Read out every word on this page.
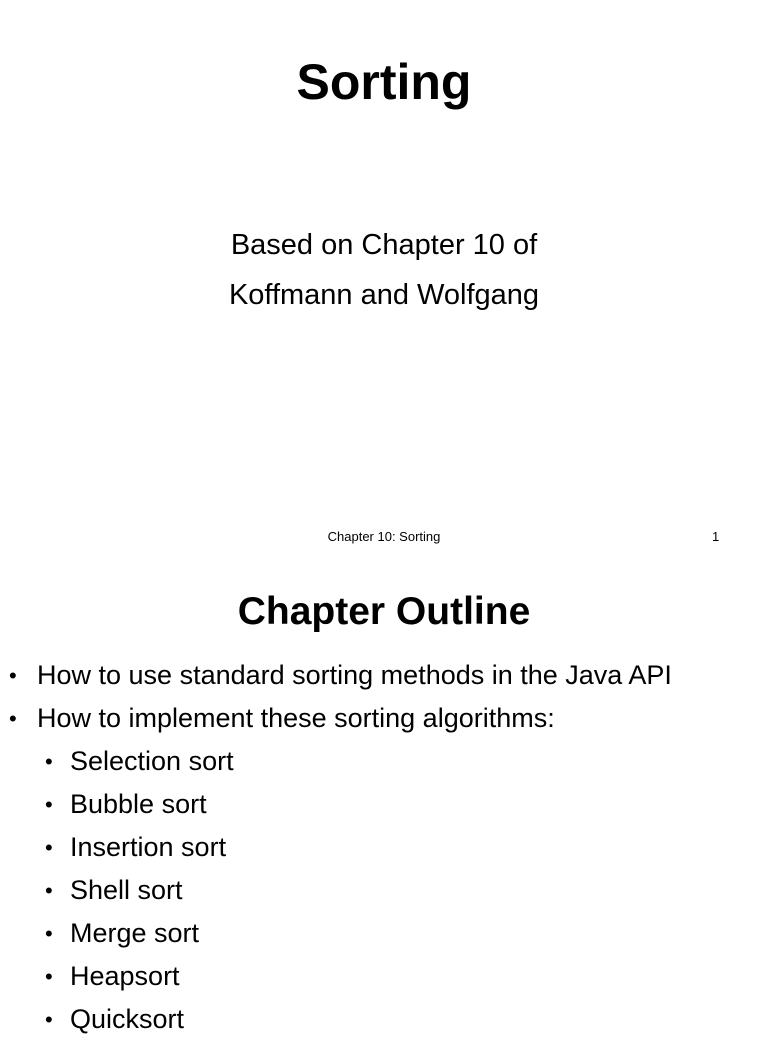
Sorting

Based on Chapter 10 of

Koffmann and Wolfgang

Chapter 10: Sorting	1
Chapter Outline
• How to use standard sorting methods in the Java API
• How to implement these sorting algorithms:
• Selection sort
• Bubble sort
• Insertion sort
• Shell sort
• Merge sort
• Heapsort
• Quicksort
